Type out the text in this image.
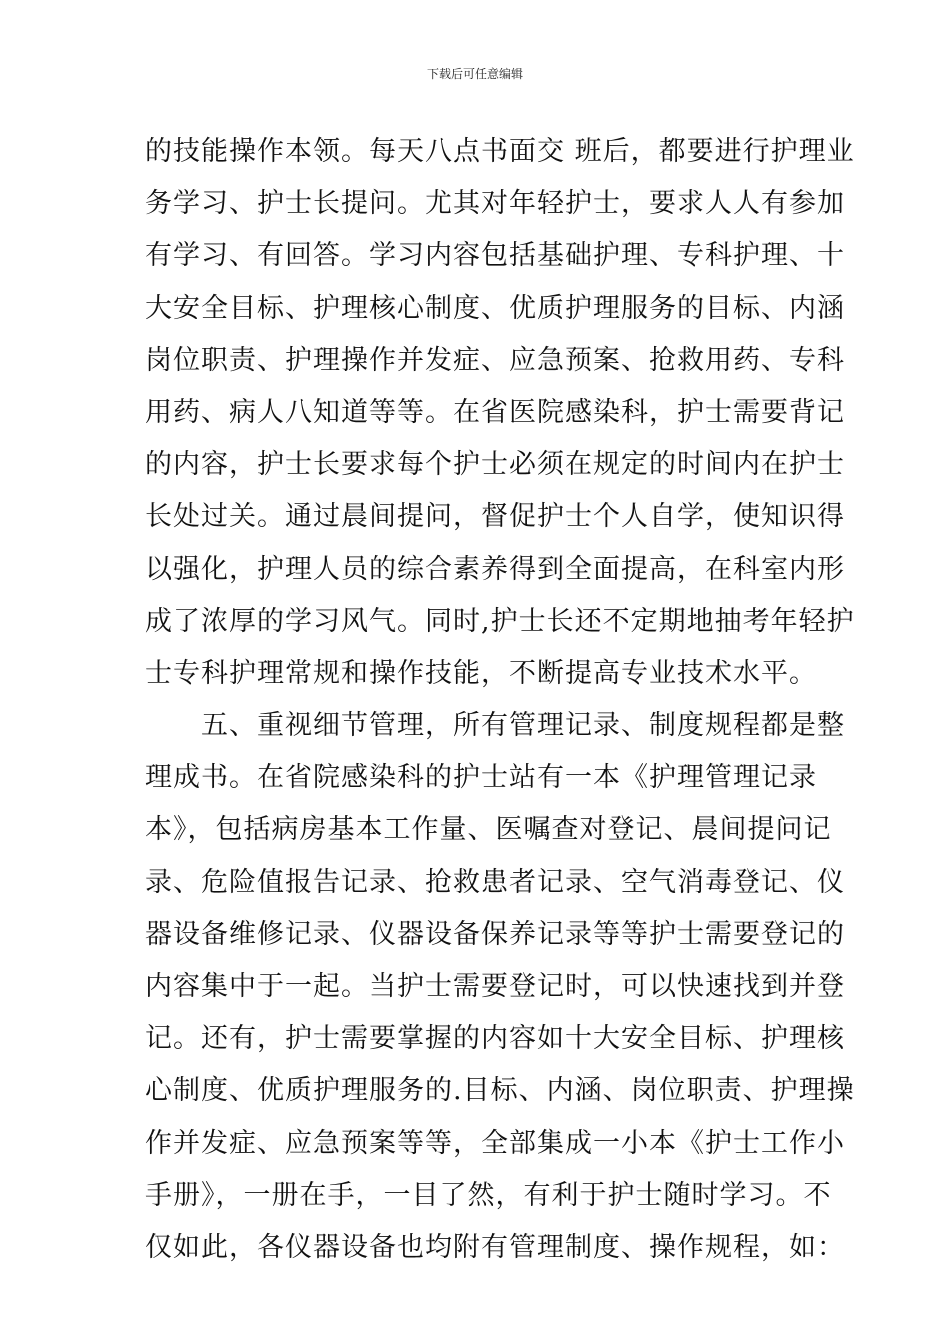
下载后可任意编辑
的技能操作本领。每天八点书面交 班后，都要进行护理业
务学习、护士长提问。尤其对年轻护士，要求人人有参加
有学习、有回答。学习内容包括基础护理、专科护理、十
大安全目标、护理核心制度、优质护理服务的目标、内涵
岗位职责、护理操作并发症、应急预案、抢救用药、专科
用药、病人八知道等等。在省医院感染科，护士需要背记
的内容，护士长要求每个护士必须在规定的时间内在护士
长处过关。通过晨间提问，督促护士个人自学，使知识得
以强化，护理人员的综合素养得到全面提高，在科室内形
成了浓厚的学习风气。同时,护士长还不定期地抽考年轻护
士专科护理常规和操作技能，不断提高专业技术水平。
　　五、重视细节管理，所有管理记录、制度规程都是整
理成书。在省院感染科的护士站有一本《护理管理记录
本》，包括病房基本工作量、医嘱查对登记、晨间提问记
录、危险值报告记录、抢救患者记录、空气消毒登记、仪
器设备维修记录、仪器设备保养记录等等护士需要登记的
内容集中于一起。当护士需要登记时，可以快速找到并登
记。还有，护士需要掌握的内容如十大安全目标、护理核
心制度、优质护理服务的.目标、内涵、岗位职责、护理操
作并发症、应急预案等等，全部集成一小本《护士工作小
手册》，一册在手，一目了然，有利于护士随时学习。不
仅如此，各仪器设备也均附有管理制度、操作规程，如：
